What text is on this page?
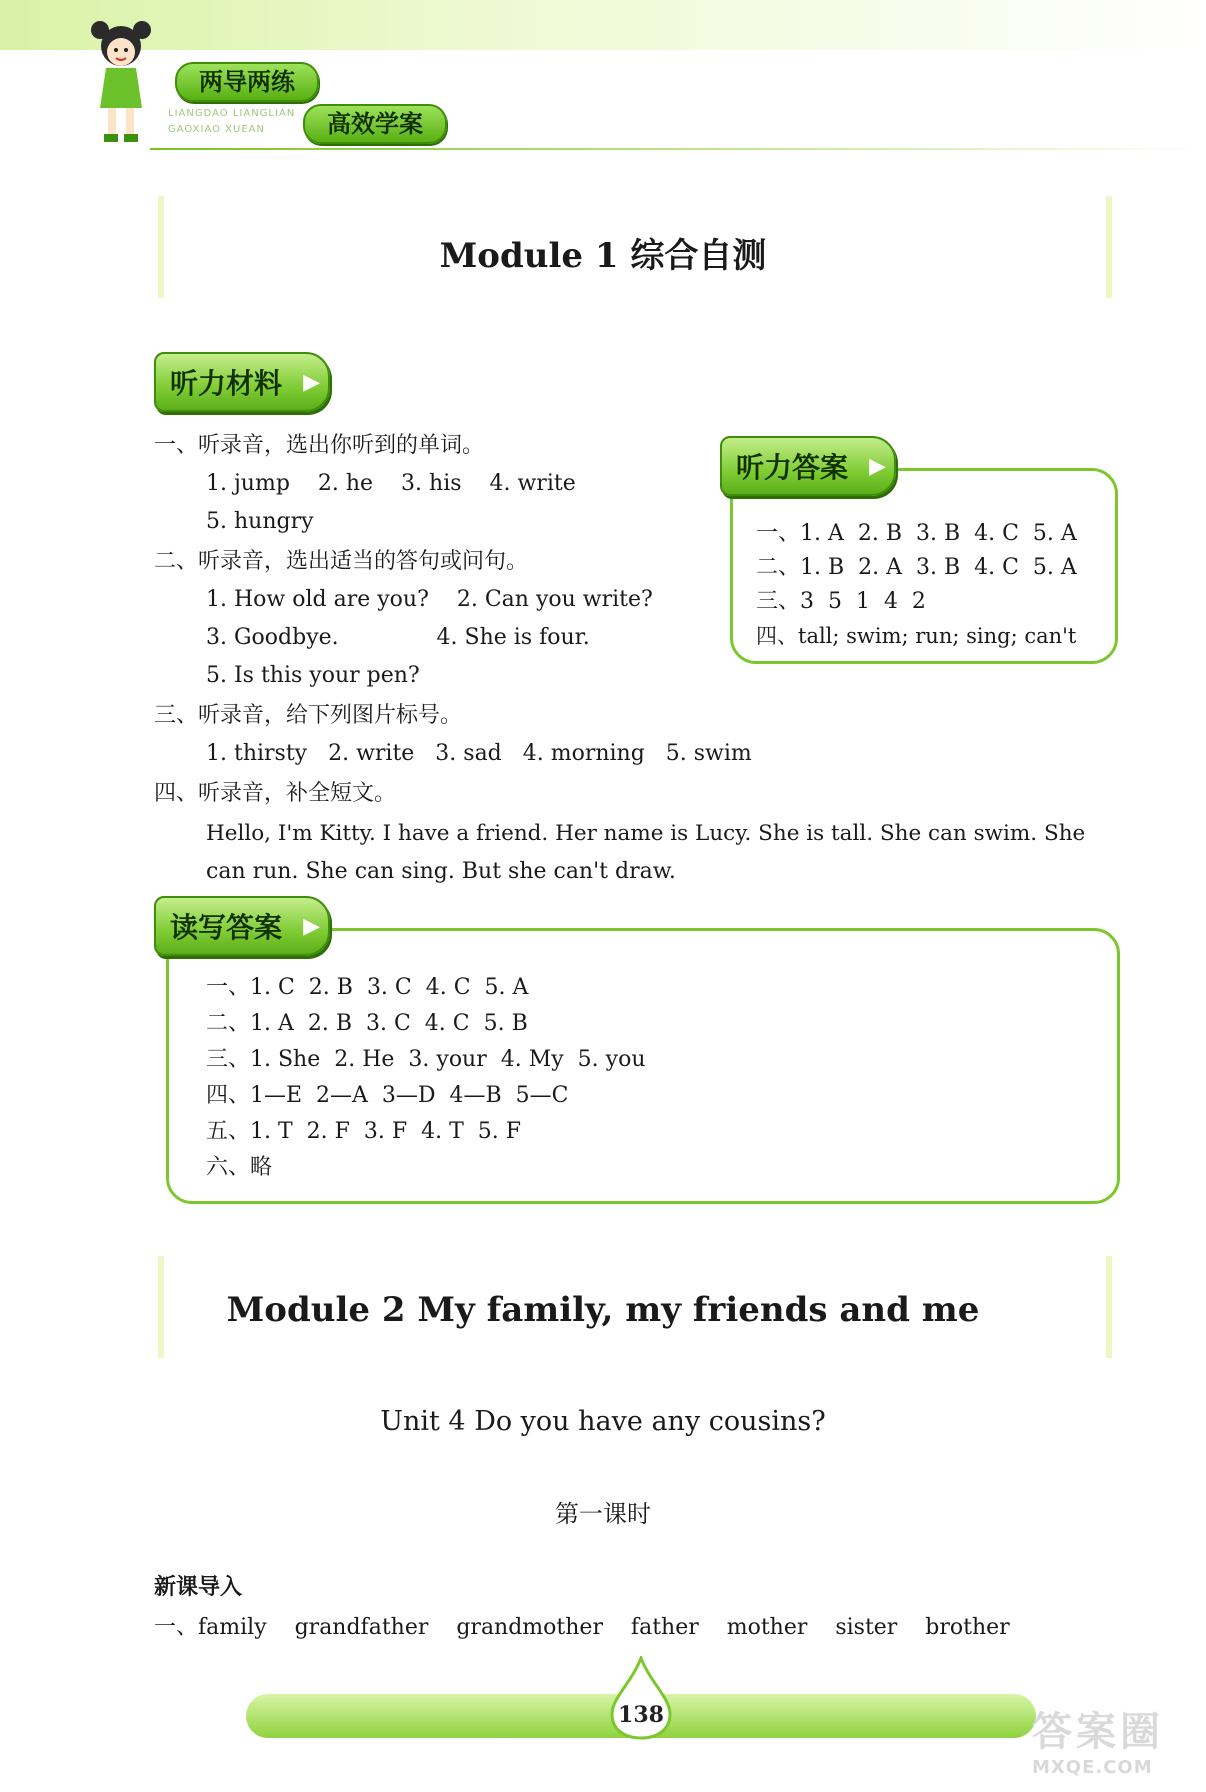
两导两练
高效学案
LIANGDAO LIANGLIAN
GAOXIAO XUEAN
Module 1 综合自测
听力材料 ▶
一、听录音，选出你听到的单词。
1. jump    2. he    3. his    4. write
5. hungry
二、听录音，选出适当的答句或问句。
1. How old are you?    2. Can you write?
3. Goodbye.              4. She is four.
5. Is this your pen?
三、听录音，给下列图片标号。
1. thirsty   2. write   3. sad   4. morning   5. swim
四、听录音，补全短文。
Hello, I'm Kitty. I have a friend. Her name is Lucy. She is tall. She can swim. She
can run. She can sing. But she can't draw.
听力答案 ▶
一、1. A  2. B  3. B  4. C  5. A
二、1. B  2. A  3. B  4. C  5. A
三、3  5  1  4  2
四、tall; swim; run; sing; can't
读写答案 ▶
一、1. C  2. B  3. C  4. C  5. A
二、1. A  2. B  3. C  4. C  5. B
三、1. She  2. He  3. your  4. My  5. you
四、1—E  2—A  3—D  4—B  5—C
五、1. T  2. F  3. F  4. T  5. F
六、略
Module 2 My family, my friends and me
Unit 4 Do you have any cousins?
第一课时
新课导入
一、family    grandfather    grandmother    father    mother    sister    brother
138	答案圈
MXQE.COM
